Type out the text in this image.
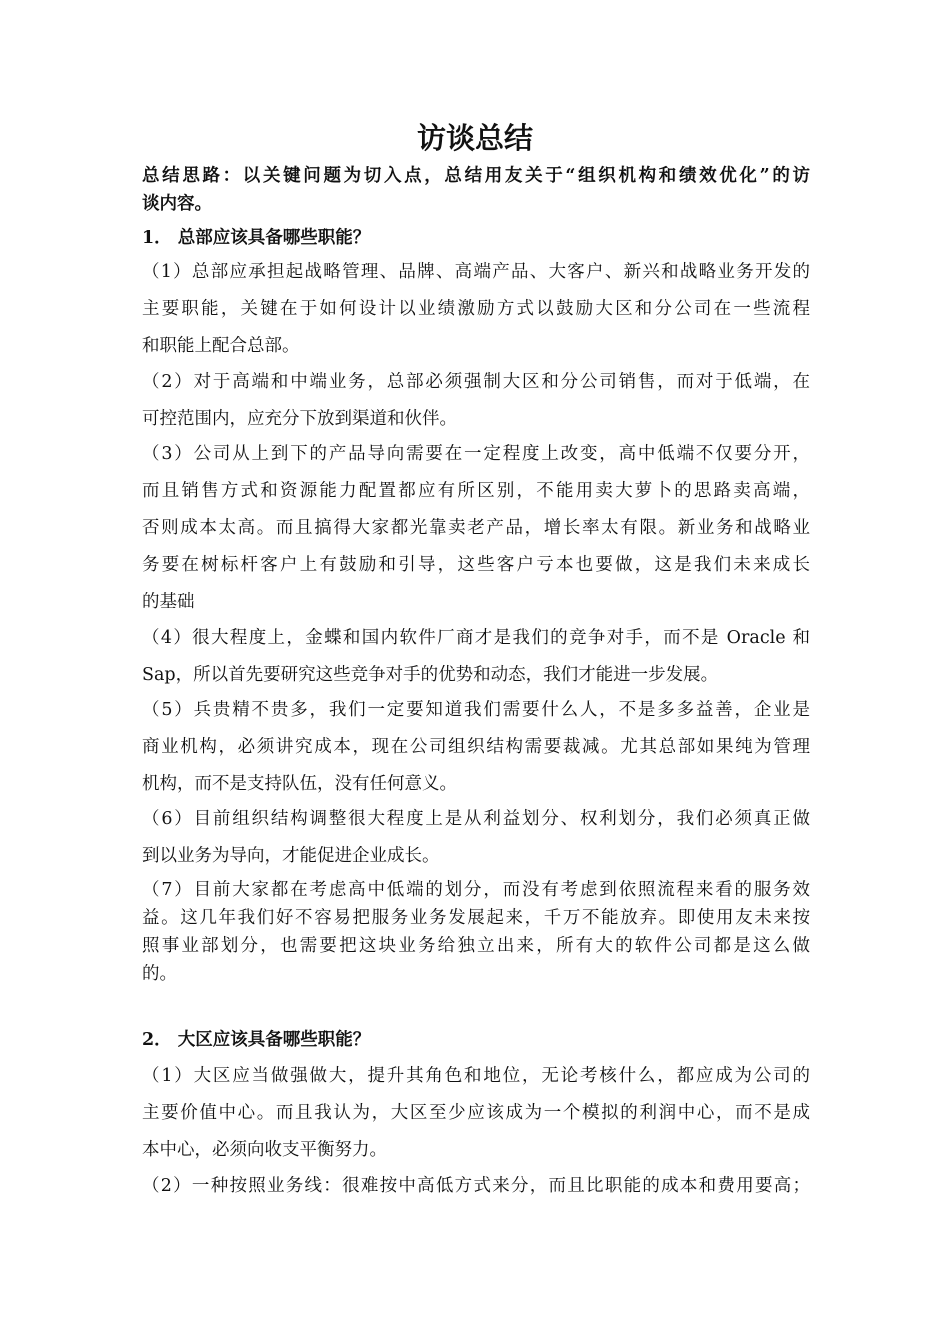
访谈总结
总结思路：以关键问题为切入点，总结用友关于“组织机构和绩效优化”的访
谈内容。
1． 总部应该具备哪些职能？
（1）总部应承担起战略管理、品牌、高端产品、大客户、新兴和战略业务开发的
主要职能，关键在于如何设计以业绩激励方式以鼓励大区和分公司在一些流程
和职能上配合总部。
（2）对于高端和中端业务，总部必须强制大区和分公司销售，而对于低端，在
可控范围内，应充分下放到渠道和伙伴。
（3）公司从上到下的产品导向需要在一定程度上改变，高中低端不仅要分开，
而且销售方式和资源能力配置都应有所区别，不能用卖大萝卜的思路卖高端，
否则成本太高。而且搞得大家都光靠卖老产品，增长率太有限。新业务和战略业
务要在树标杆客户上有鼓励和引导，这些客户亏本也要做，这是我们未来成长
的基础
（4）很大程度上，金蝶和国内软件厂商才是我们的竞争对手，而不是 Oracle 和
Sap，所以首先要研究这些竞争对手的优势和动态，我们才能进一步发展。
（5）兵贵精不贵多，我们一定要知道我们需要什么人，不是多多益善，企业是
商业机构，必须讲究成本，现在公司组织结构需要裁减。尤其总部如果纯为管理
机构，而不是支持队伍，没有任何意义。
（6）目前组织结构调整很大程度上是从利益划分、权利划分，我们必须真正做
到以业务为导向，才能促进企业成长。
（7）目前大家都在考虑高中低端的划分，而没有考虑到依照流程来看的服务效
益。这几年我们好不容易把服务业务发展起来，千万不能放弃。即使用友未来按
照事业部划分，也需要把这块业务给独立出来，所有大的软件公司都是这么做
的。
2． 大区应该具备哪些职能？
（1）大区应当做强做大，提升其角色和地位，无论考核什么，都应成为公司的
主要价值中心。而且我认为，大区至少应该成为一个模拟的利润中心，而不是成
本中心，必须向收支平衡努力。
（2）一种按照业务线：很难按中高低方式来分，而且比职能的成本和费用要高；
